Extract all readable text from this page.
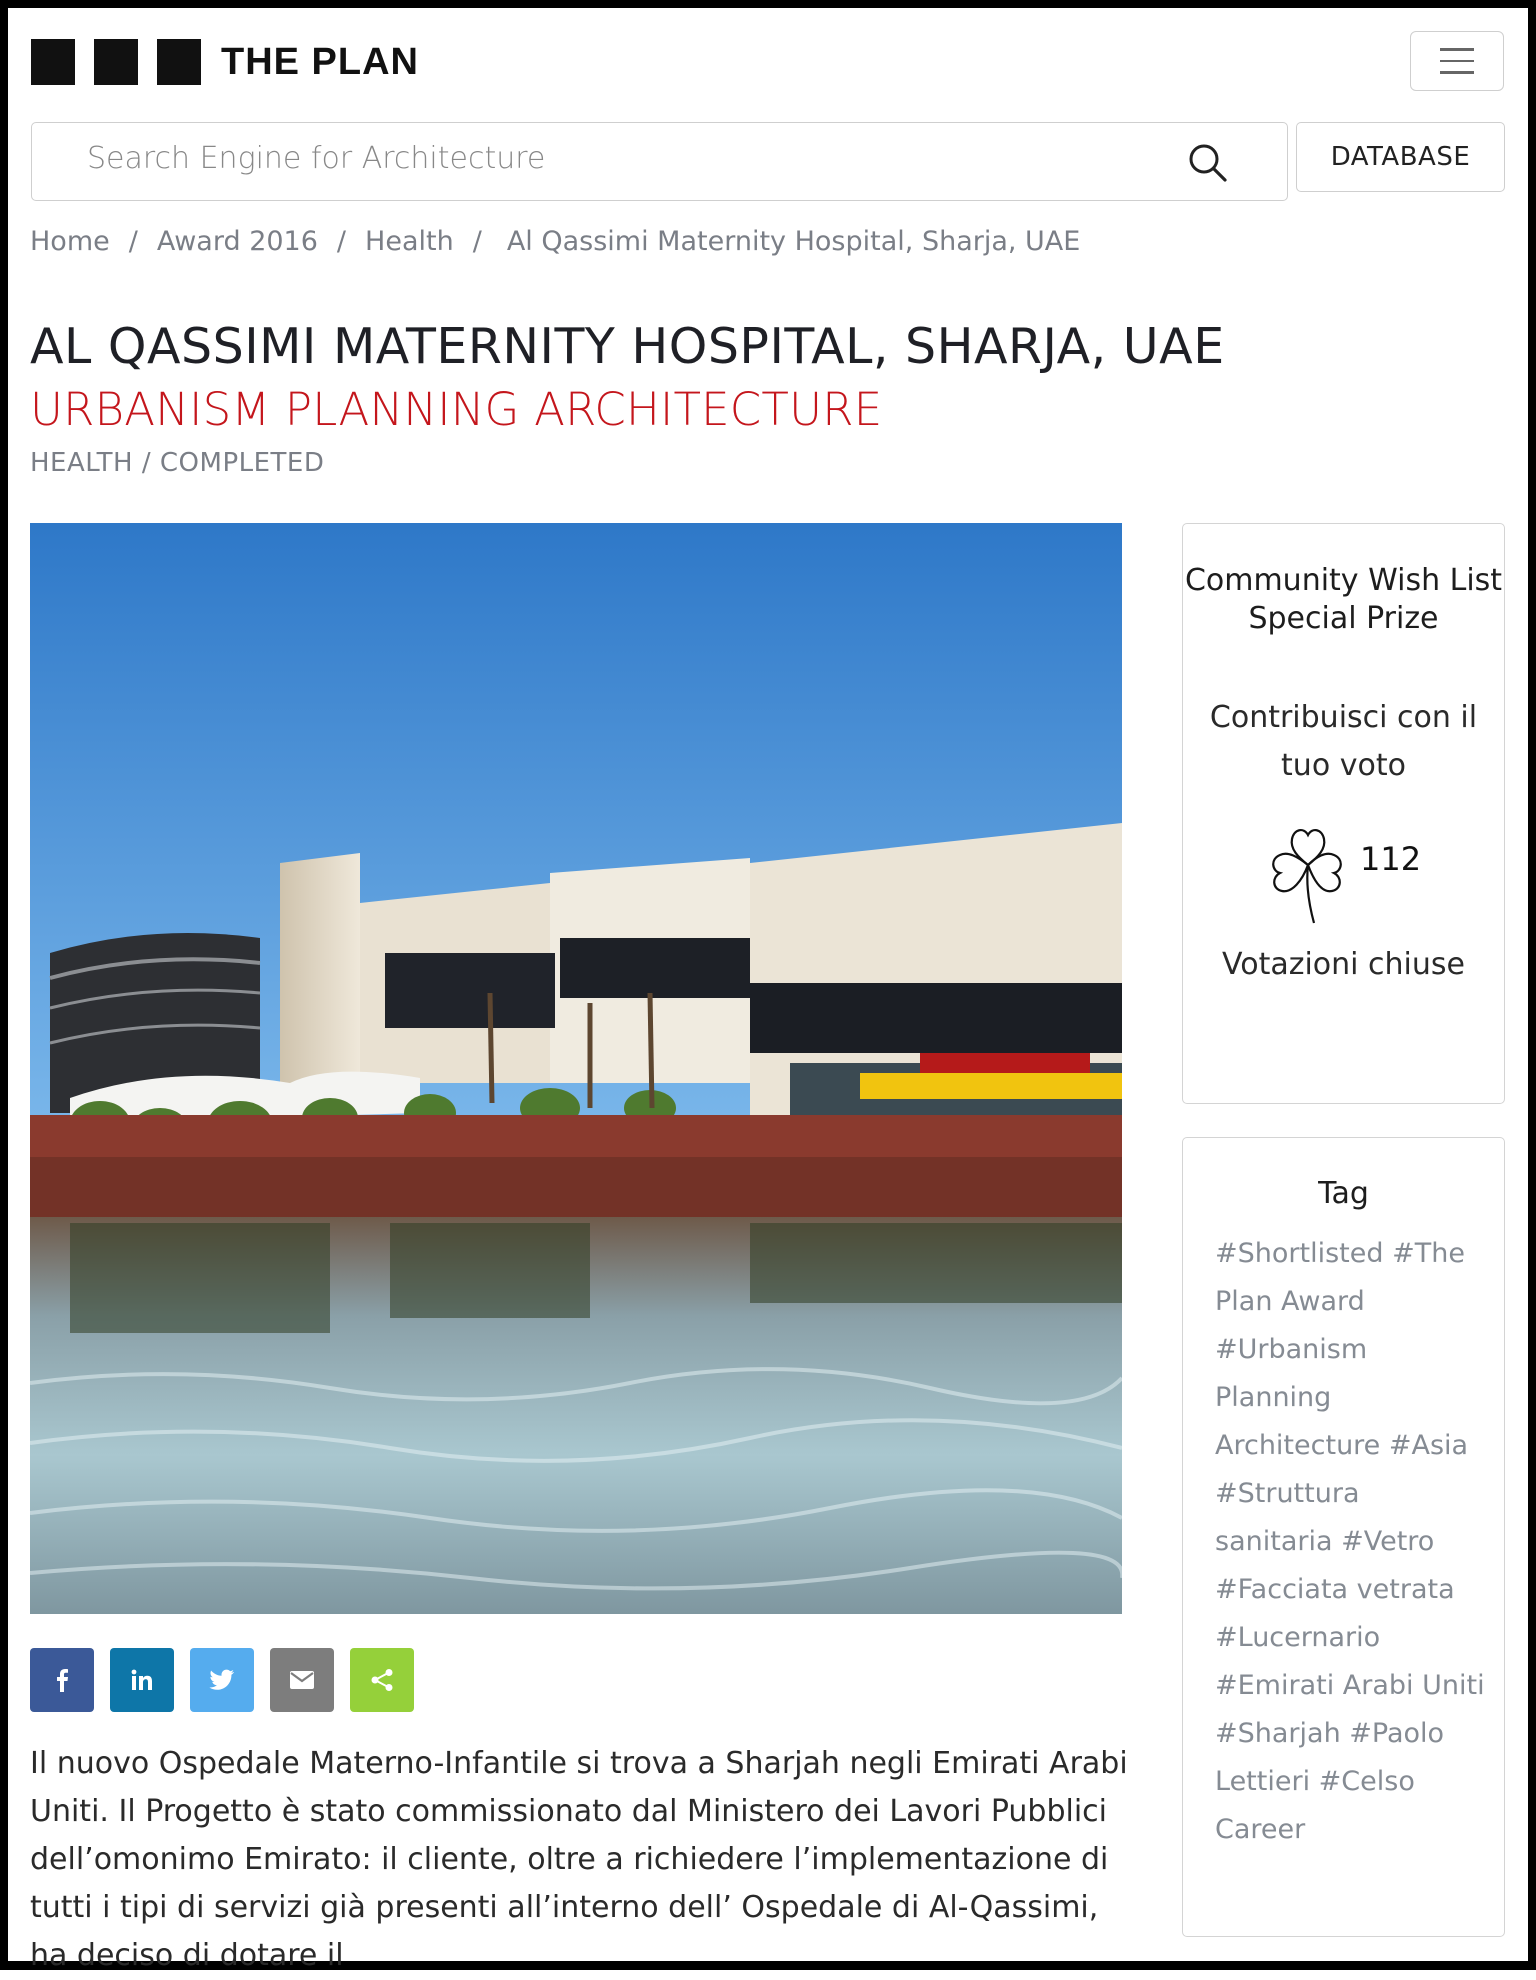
THE PLAN
Search Engine for Architecture	DATABASE
Home / Award 2016 / Health / Al Qassimi Maternity Hospital, Sharja, UAE
AL QASSIMI MATERNITY HOSPITAL, SHARJA, UAE
URBANISM PLANNING ARCHITECTURE
HEALTH / COMPLETED
Il nuovo Ospedale Materno-Infantile si trova a Sharjah negli Emirati Arabi Uniti. Il Progetto è stato commissionato dal Ministero dei Lavori Pubblici dell’omonimo Emirato: il cliente, oltre a richiedere l’implementazione di tutti i tipi di servizi già presenti all’interno dell’ Ospedale di Al-Qassimi, ha deciso di dotare il
Community Wish List Special Prize
Contribuisci con il tuo voto
112
Votazioni chiuse
Tag
#Shortlisted #The Plan Award #Urbanism Planning Architecture #Asia #Struttura sanitaria #Vetro #Facciata vetrata #Lucernario #Emirati Arabi Uniti #Sharjah #Paolo Lettieri #Celso Career
